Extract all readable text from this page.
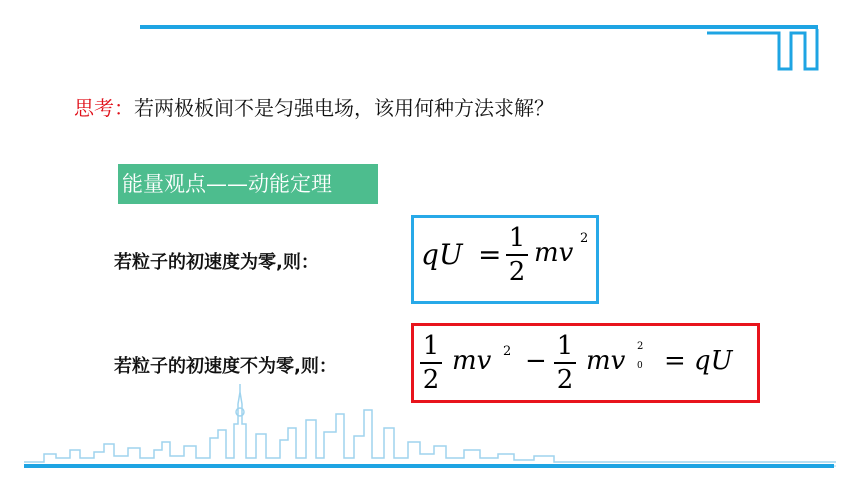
思考：若两极板间不是匀强电场，该用何种方法求解？
能量观点——动能定理
若粒子的初速度为零,则：	qU = 1
2
mv 2
若粒子的初速度不为零,则：
1
2
mv 2 − 1
2
mv 2
0 = qU
